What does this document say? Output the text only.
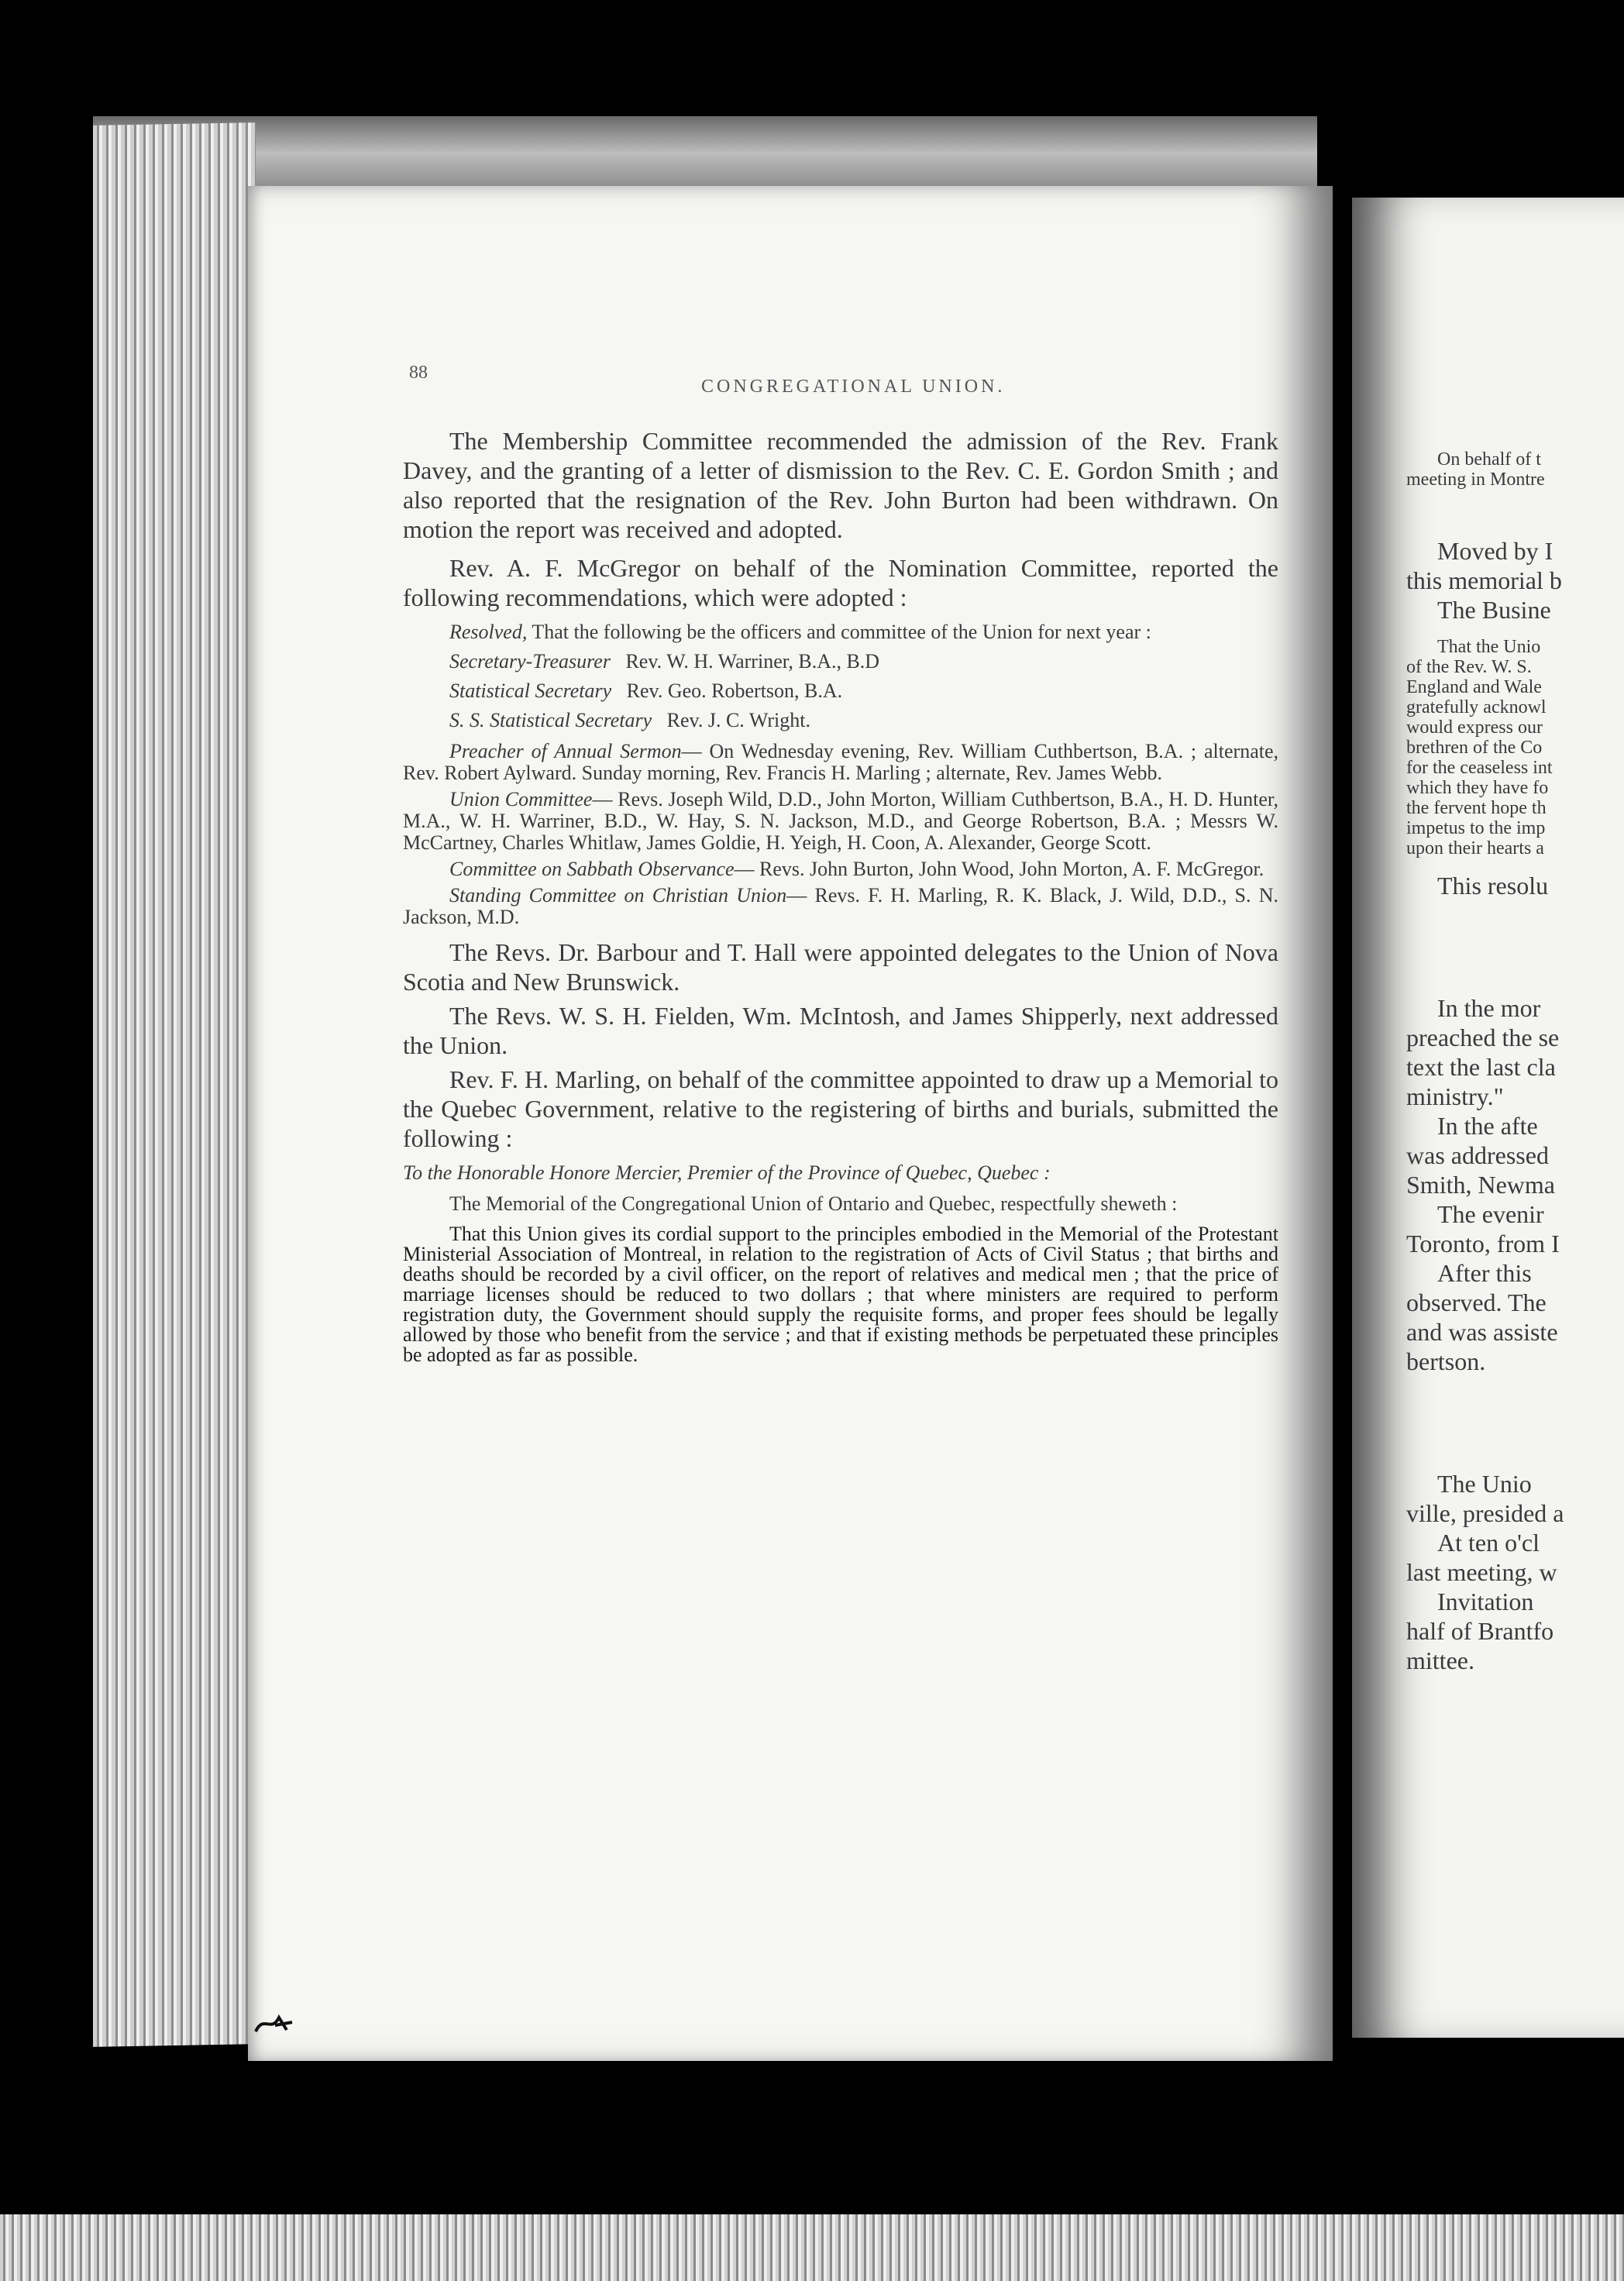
88
CONGREGATIONAL UNION.

The Membership Committee recommended the admission of the Rev. Frank Davey, and the granting of a letter of dismission to the Rev. C. E. Gordon Smith ; and also reported that the resignation of the Rev. John Burton had been withdrawn. On motion the report was received and adopted.

Rev. A. F. McGregor on behalf of the Nomination Committee, reported the following recommendations, which were adopted :

Resolved, That the following be the officers and committee of the Union for next year :

Secretary-Treasurer Rev. W. H. Warriner, B.A., B.D
Statistical Secretary Rev. Geo. Robertson, B.A.
S. S. Statistical Secretary Rev. J. C. Wright.

Preacher of Annual Sermon— On Wednesday evening, Rev. William Cuthbertson, B.A. ; alternate, Rev. Robert Aylward. Sunday morning, Rev. Francis H. Marling ; alternate, Rev. James Webb.

Union Committee— Revs. Joseph Wild, D.D., John Morton, William Cuthbertson, B.A., H. D. Hunter, M.A., W. H. Warriner, B.D., W. Hay, S. N. Jackson, M.D., and George Robertson, B.A. ; Messrs W. McCartney, Charles Whitlaw, James Goldie, H. Yeigh, H. Coon, A. Alexander, George Scott.

Committee on Sabbath Observance— Revs. John Burton, John Wood, John Morton, A. F. McGregor.

Standing Committee on Christian Union— Revs. F. H. Marling, R. K. Black, J. Wild, D.D., S. N. Jackson, M.D.

The Revs. Dr. Barbour and T. Hall were appointed delegates to the Union of Nova Scotia and New Brunswick.

The Revs. W. S. H. Fielden, Wm. McIntosh, and James Shipperly, next addressed the Union.

Rev. F. H. Marling, on behalf of the committee appointed to draw up a Memorial to the Quebec Government, relative to the registering of births and burials, submitted the following :

To the Honorable Honore Mercier, Premier of the Province of Quebec, Quebec :

The Memorial of the Congregational Union of Ontario and Quebec, respectfully sheweth :

That this Union gives its cordial support to the principles embodied in the Memorial of the Protestant Ministerial Association of Montreal, in relation to the registration of Acts of Civil Status ; that births and deaths should be recorded by a civil officer, on the report of relatives and medical men ; that the price of marriage licenses should be reduced to two dollars ; that where ministers are required to perform registration duty, the Government should supply the requisite forms, and proper fees should be legally allowed by those who benefit from the service ; and that if existing methods be perpetuated these principles be adopted as far as possible.

On behalf of t
meeting in Montre
Moved by I
this memorial b
The Busine
That the Unio
of the Rev. W. S.
England and Wale
gratefully acknowl
would express our
brethren of the Co
for the ceaseless int
which they have fo
the fervent hope th
impetus to the imp
upon their hearts a
This resolu
In the mor
preached the se
text the last cla
ministry."
In the afte
was addressed
Smith, Newma
The evenir
Toronto, from I
After this
observed. The
and was assiste
bertson.
The Unio
ville, presided a
At ten o'cl
last meeting, w
Invitation
half of Brantfo
mittee.
